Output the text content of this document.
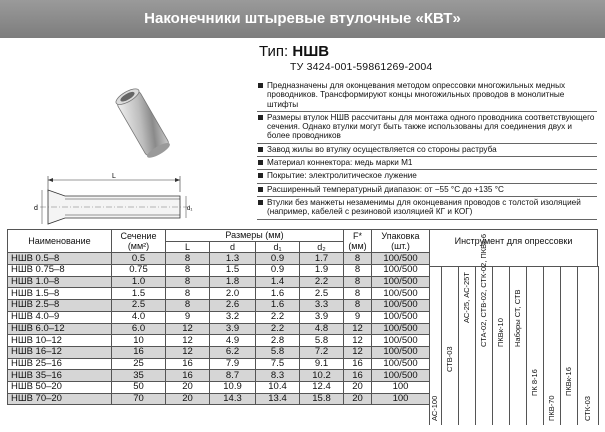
Наконечники штыревые втулочные «КВТ»
Тип: НШВ
ТУ 3424-001-59861269-2004
L
d	d₁
Предназначены для оконцевания методом опрессовки многожильных медных проводников. Трансформируют концы многожильных проводов в монолитные штифты
Размеры втулок НШВ рассчитаны для монтажа одного проводника соответствующего сечения. Однако втулки могут быть также использованы для соединения двух и более проводников
Завод жилы во втулку осуществляется со стороны раструба
Материал коннектора: медь марки М1
Покрытие: электролитическое лужение
Расширенный температурный диапазон: от −55 °С до +135 °С
Втулки без манжеты незаменимы для оконцевания проводов с толстой изоляцией (например, кабелей с резиновой изоляцией КГ и КОГ)
Наименование	Сечение (мм²)	Размеры (мм)				F* (мм)	Упаковка (шт.)
		L	d	d₁	d₂		
НШВ 0.5–8	0.5	8	1.3	0.9	1.7	8	100/500
НШВ 0.75–8	0.75	8	1.5	0.9	1.9	8	100/500
НШВ 1.0–8	1.0	8	1.8	1.4	2.2	8	100/500
НШВ 1.5–8	1.5	8	2.0	1.6	2.5	8	100/500
НШВ 2.5–8	2.5	8	2.6	1.6	3.3	8	100/500
НШВ 4.0–9	4.0	9	3.2	2.2	3.9	9	100/500
НШВ 6.0–12	6.0	12	3.9	2.2	4.8	12	100/500
НШВ 10–12	10	12	4.9	2.8	5.8	12	100/500
НШВ 16–12	16	12	6.2	5.8	7.2	12	100/500
НШВ 25–16	25	16	7.9	7.5	9.1	16	100/500
НШВ 35–16	35	16	8.7	8.3	10.2	16	100/500
НШВ 50–20	50	20	10.9	10.4	12.4	20	100
НШВ 70–20	70	20	14.3	13.4	15.8	20	100
Инструмент для опрессовки
АС-100
СТВ-03
АС-25, АС-25Т СТА-02, СТВ-02, СТК-02, ПКВк-6 ПКВк-10 Наборы СТ, СТВ
ПК 8-16
ПКВ-70
ПКВк-16
СТК-03
